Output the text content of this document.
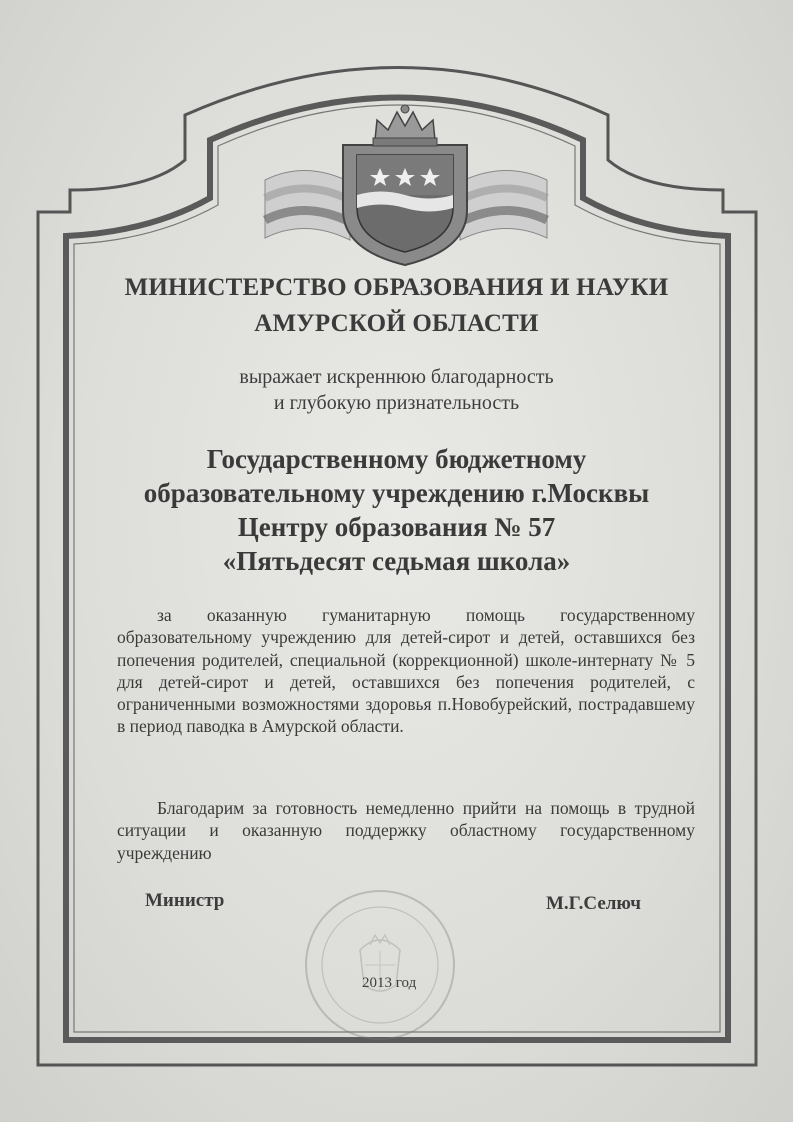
МИНИСТЕРСТВО ОБРАЗОВАНИЯ И НАУКИ

АМУРСКОЙ ОБЛАСТИ

выражает искреннюю благодарность

и глубокую признательность

Государственному бюджетному

образовательному учреждению г.Москвы

Центру образования № 57

«Пятьдесят седьмая школа»

за оказанную гуманитарную помощь государственному образовательному учреждению для детей-сирот и детей, оставшихся без попечения родителей, специальной (коррекционной) школе-интернату № 5 для детей-сирот и детей, оставшихся без попечения родителей, с ограниченными возможностями здоровья п.Новобурейский, пострадавшему в период паводка в Амурской области.

Благодарим за готовность немедленно прийти на помощь в трудной ситуации и оказанную поддержку областному государственному учреждению

Министр	М.Г.Селюч

2013 год
